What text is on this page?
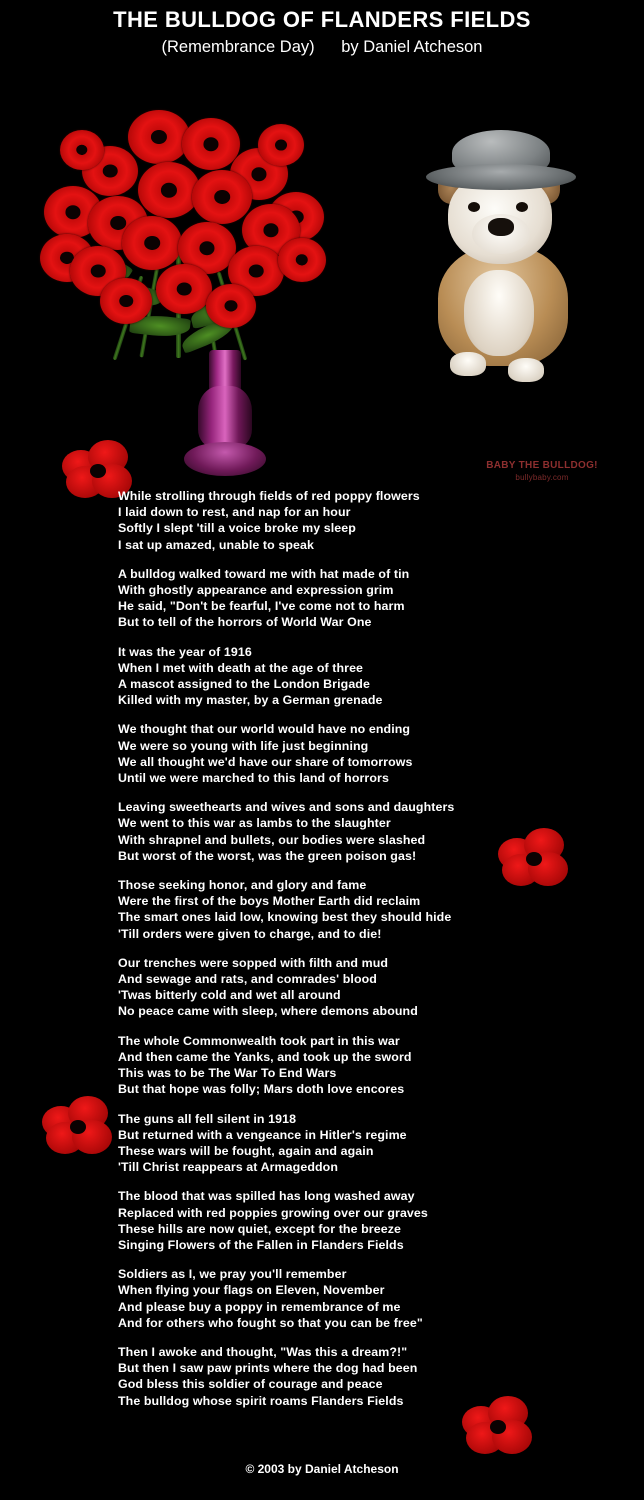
THE BULLDOG OF FLANDERS FIELDS
(Remembrance Day) by Daniel Atcheson
BABY THE BULLDOG!
bullybaby.com
While strolling through fields of red poppy flowers
I laid down to rest, and nap for an hour
Softly I slept 'till a voice broke my sleep
I sat up amazed, unable to speak
A bulldog walked toward me with hat made of tin
With ghostly appearance and expression grim
He said, "Don't be fearful, I've come not to harm
But to tell of the horrors of World War One
It was the year of 1916
When I met with death at the age of three
A mascot assigned to the London Brigade
Killed with my master, by a German grenade
We thought that our world would have no ending
We were so young with life just beginning
We all thought we'd have our share of tomorrows
Until we were marched to this land of horrors
Leaving sweethearts and wives and sons and daughters
We went to this war as lambs to the slaughter
With shrapnel and bullets, our bodies were slashed
But worst of the worst, was the green poison gas!
Those seeking honor, and glory and fame
Were the first of the boys Mother Earth did reclaim
The smart ones laid low, knowing best they should hide
'Till orders were given to charge, and to die!
Our trenches were sopped with filth and mud
And sewage and rats, and comrades' blood
'Twas bitterly cold and wet all around
No peace came with sleep, where demons abound
The whole Commonwealth took part in this war
And then came the Yanks, and took up the sword
This was to be The War To End Wars
But that hope was folly; Mars doth love encores
The guns all fell silent in 1918
But returned with a vengeance in Hitler's regime
These wars will be fought, again and again
'Till Christ reappears at Armageddon
The blood that was spilled has long washed away
Replaced with red poppies growing over our graves
These hills are now quiet, except for the breeze
Singing Flowers of the Fallen in Flanders Fields
Soldiers as I, we pray you'll remember
When flying your flags on Eleven, November
And please buy a poppy in remembrance of me
And for others who fought so that you can be free"
Then I awoke and thought, "Was this a dream?!"
But then I saw paw prints where the dog had been
God bless this soldier of courage and peace
The bulldog whose spirit roams Flanders Fields
© 2003 by Daniel Atcheson
